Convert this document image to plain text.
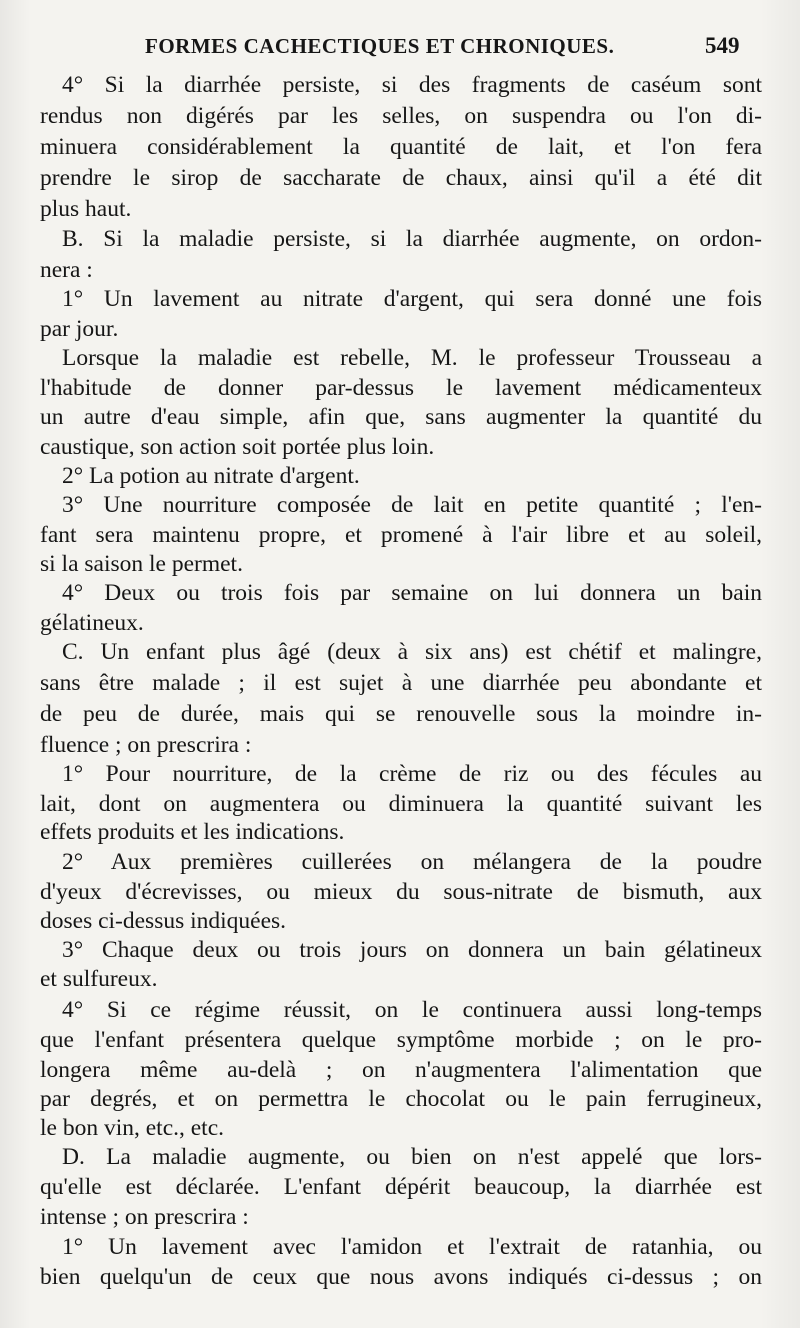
FORMES CACHECTIQUES ET CHRONIQUES.	549
4° Si la diarrhée persiste, si des fragments de caséum sont
rendus non digérés par les selles, on suspendra ou l'on di-
minuera considérablement la quantité de lait, et l'on fera
prendre le sirop de saccharate de chaux, ainsi qu'il a été dit
plus haut.
B. Si la maladie persiste, si la diarrhée augmente, on ordon-
nera :
1° Un lavement au nitrate d'argent, qui sera donné une fois
par jour.
Lorsque la maladie est rebelle, M. le professeur Trousseau a
l'habitude de donner par-dessus le lavement médicamenteux
un autre d'eau simple, afin que, sans augmenter la quantité du
caustique, son action soit portée plus loin.
2° La potion au nitrate d'argent.
3° Une nourriture composée de lait en petite quantité ; l'en-
fant sera maintenu propre, et promené à l'air libre et au soleil,
si la saison le permet.
4° Deux ou trois fois par semaine on lui donnera un bain
gélatineux.
C. Un enfant plus âgé (deux à six ans) est chétif et malingre,
sans être malade ; il est sujet à une diarrhée peu abondante et
de peu de durée, mais qui se renouvelle sous la moindre in-
fluence ; on prescrira :
1° Pour nourriture, de la crème de riz ou des fécules au
lait, dont on augmentera ou diminuera la quantité suivant les
effets produits et les indications.
2° Aux premières cuillerées on mélangera de la poudre
d'yeux d'écrevisses, ou mieux du sous-nitrate de bismuth, aux
doses ci-dessus indiquées.
3° Chaque deux ou trois jours on donnera un bain gélatineux
et sulfureux.
4° Si ce régime réussit, on le continuera aussi long-temps
que l'enfant présentera quelque symptôme morbide ; on le pro-
longera même au-delà ; on n'augmentera l'alimentation que
par degrés, et on permettra le chocolat ou le pain ferrugineux,
le bon vin, etc., etc.
D. La maladie augmente, ou bien on n'est appelé que lors-
qu'elle est déclarée. L'enfant dépérit beaucoup, la diarrhée est
intense ; on prescrira :
1° Un lavement avec l'amidon et l'extrait de ratanhia, ou
bien quelqu'un de ceux que nous avons indiqués ci-dessus ; on
